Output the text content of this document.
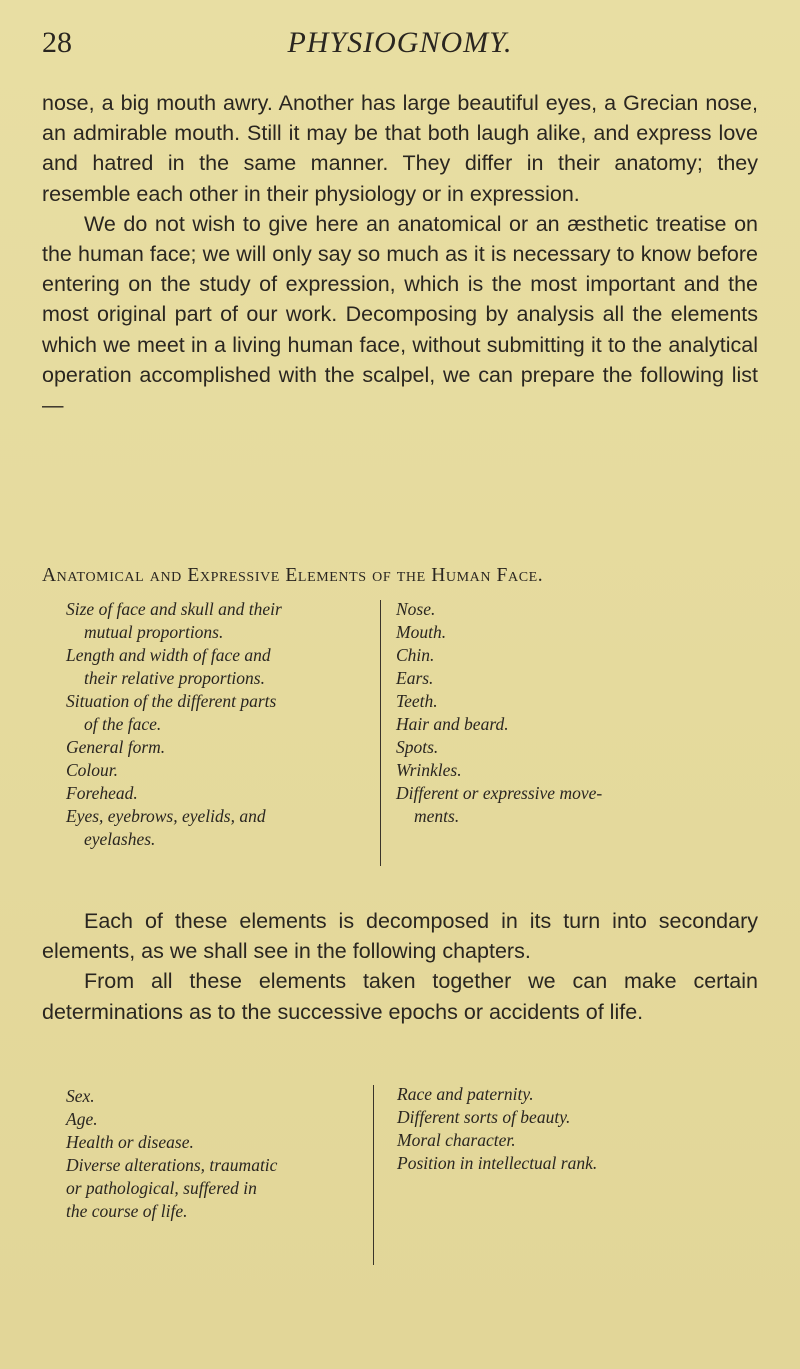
28	PHYSIOGNOMY.
nose, a big mouth awry. Another has large beautiful eyes, a Grecian nose, an admirable mouth. Still it may be that both laugh alike, and express love and hatred in the same manner. They differ in their anatomy; they resemble each other in their physiology or in expression.
We do not wish to give here an anatomical or an æsthetic treatise on the human face; we will only say so much as it is necessary to know before entering on the study of expression, which is the most important and the most original part of our work. Decomposing by analysis all the elements which we meet in a living human face, without submitting it to the analytical operation accomplished with the scalpel, we can prepare the following list—
Anatomical and Expressive Elements of the Human Face.
Size of face and skull and their
mutual proportions.
Length and width of face and
their relative proportions.
Situation of the different parts
of the face.
General form.
Colour.
Forehead.
Eyes, eyebrows, eyelids, and
eyelashes.
Nose.
Mouth.
Chin.
Ears.
Teeth.
Hair and beard.
Spots.
Wrinkles.
Different or expressive move-
ments.
Each of these elements is decomposed in its turn into secondary elements, as we shall see in the following chapters.
From all these elements taken together we can make certain determinations as to the successive epochs or accidents of life.
Sex.
Age.
Health or disease.
Diverse alterations, traumatic
or pathological, suffered in
the course of life.
Race and paternity.
Different sorts of beauty.
Moral character.
Position in intellectual rank.
